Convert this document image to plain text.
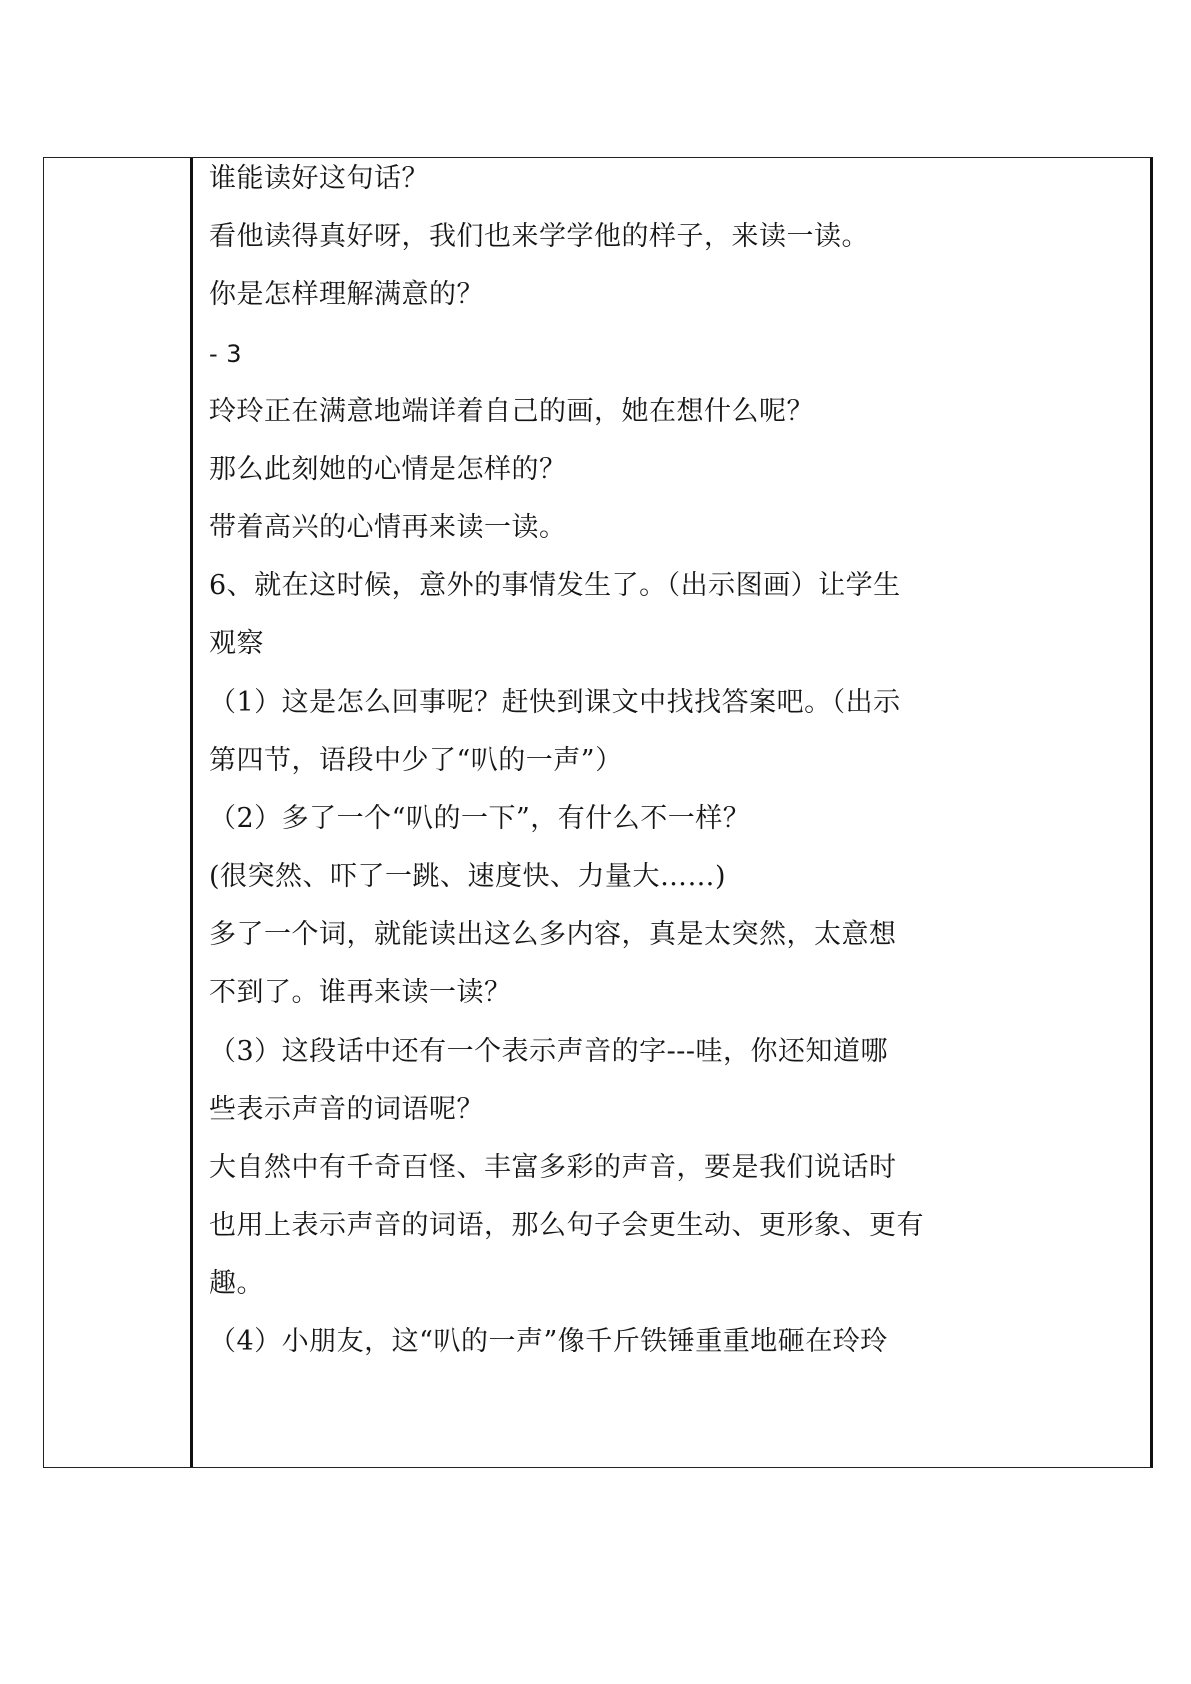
谁能读好这句话？
看他读得真好呀，我们也来学学他的样子，来读一读。
你是怎样理解满意的？
- 3
玲玲正在满意地端详着自己的画，她在想什么呢？
那么此刻她的心情是怎样的？
带着高兴的心情再来读一读。
6、就在这时候，意外的事情发生了。（出示图画）让学生
观察
（1）这是怎么回事呢？赶快到课文中找找答案吧。（出示
第四节，语段中少了“叭的一声”）
（2）多了一个“叭的一下”，有什么不一样？
(很突然、吓了一跳、速度快、力量大……)
多了一个词，就能读出这么多内容，真是太突然，太意想
不到了。谁再来读一读？
（3）这段话中还有一个表示声音的字---哇，你还知道哪
些表示声音的词语呢？
大自然中有千奇百怪、丰富多彩的声音，要是我们说话时
也用上表示声音的词语，那么句子会更生动、更形象、更有
趣。
（4）小朋友，这“叭的一声”像千斤铁锤重重地砸在玲玲
